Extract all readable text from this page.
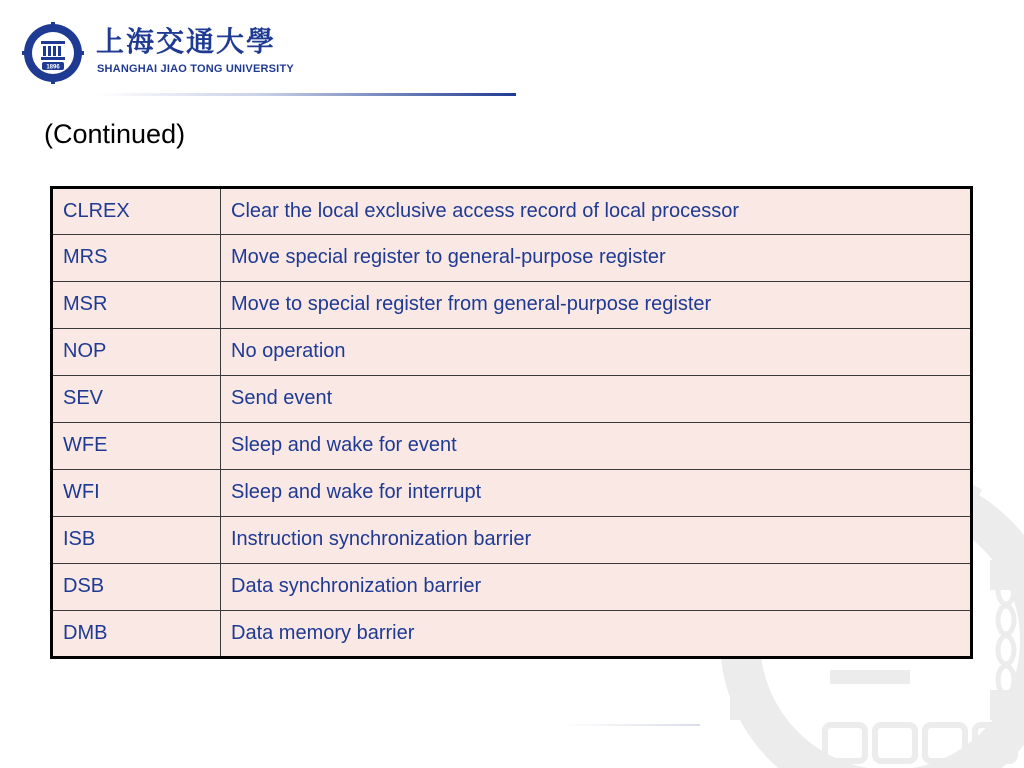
1896
上海交通大學
SHANGHAI JIAO TONG UNIVERSITY
(Continued)
CLREX	Clear the local exclusive access record of local processor
MRS	Move special register to general-purpose register
MSR	Move to special register from general-purpose register
NOP	No operation
SEV	Send event
WFE	Sleep and wake for event
WFI	Sleep and wake for interrupt
ISB	Instruction synchronization barrier
DSB	Data synchronization barrier
DMB	Data memory barrier
